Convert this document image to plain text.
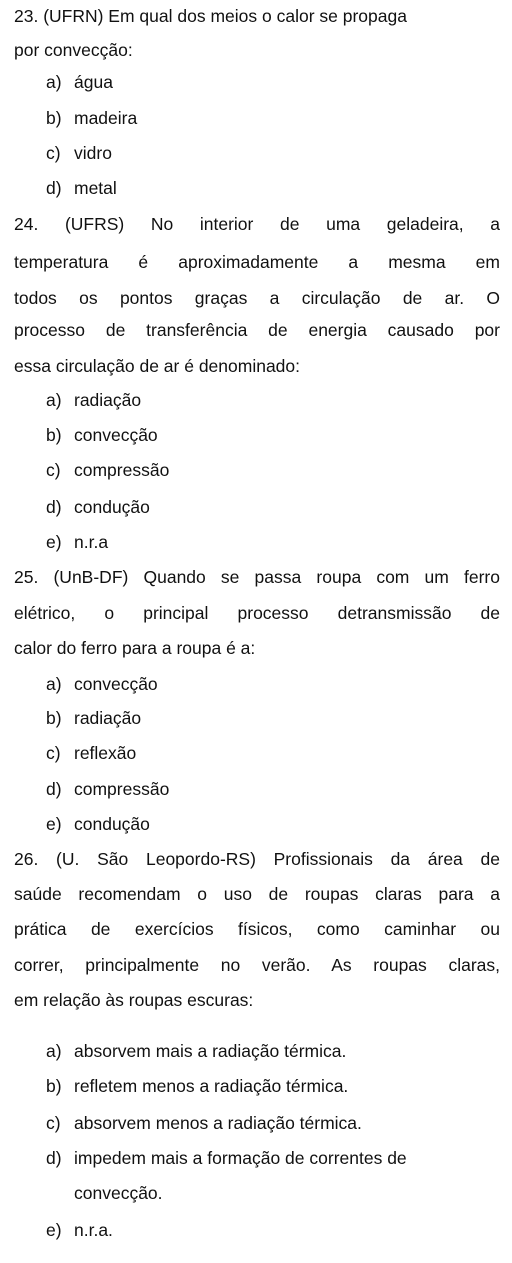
23. (UFRN) Em qual dos meios o calor se propaga
por convecção:
a) água
b) madeira
c) vidro
d) metal
24. (UFRS) No interior de uma geladeira, a
temperatura é aproximadamente a mesma em
todos os pontos graças a circulação de ar. O
processo de transferência de energia causado por
essa circulação de ar é denominado:
a) radiação
b) convecção
c) compressão
d) condução
e) n.r.a
25. (UnB-DF) Quando se passa roupa com um ferro
elétrico, o principal processo detransmissão de
calor do ferro para a roupa é a:
a) convecção
b) radiação
c) reflexão
d) compressão
e) condução
26. (U. São Leopordo-RS) Profissionais da área de
saúde recomendam o uso de roupas claras para a
prática de exercícios físicos, como caminhar ou
correr, principalmente no verão. As roupas claras,
em relação às roupas escuras:
a) absorvem mais a radiação térmica.
b) refletem menos a radiação térmica.
c) absorvem menos a radiação térmica.
d) impedem mais a formação de correntes de
convecção.
e) n.r.a.
